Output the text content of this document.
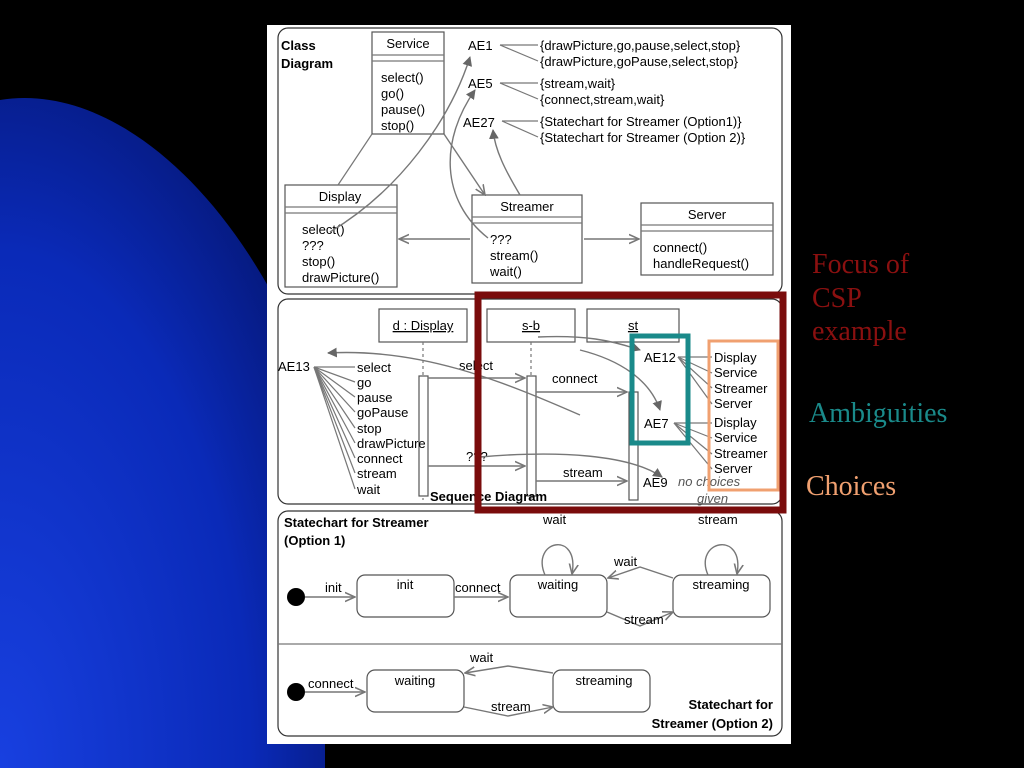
Class
Diagram
Service
select()
go()
pause()
stop()
Display
select()
???
stop()
drawPicture()
Streamer
???
stream()
wait()
Server
connect()
handleRequest()
AE1	{drawPicture,go,pause,select,stop}
{drawPicture,goPause,select,stop}
AE5	{stream,wait}
{connect,stream,wait}
AE27	{Statechart for Streamer (Option1)}
{Statechart for Streamer (Option 2)}
d : Display	s-b	st
select
connect
???
stream
AE13	select
go
pause
goPause
stop
drawPicture
connect
stream
wait	Sequence Diagram
AE12
AE7
AE9 no choices
given
Display
Service
Streamer
Server
Display
Service
Streamer
Server
Statechart for Streamer
(Option 1)
init	init	connect	waiting	streaming
wait	stream
wait
stream
connect	waiting	streaming
wait
stream	Statechart for
Streamer (Option 2)
Focus of CSP example
Ambiguities
Choices
